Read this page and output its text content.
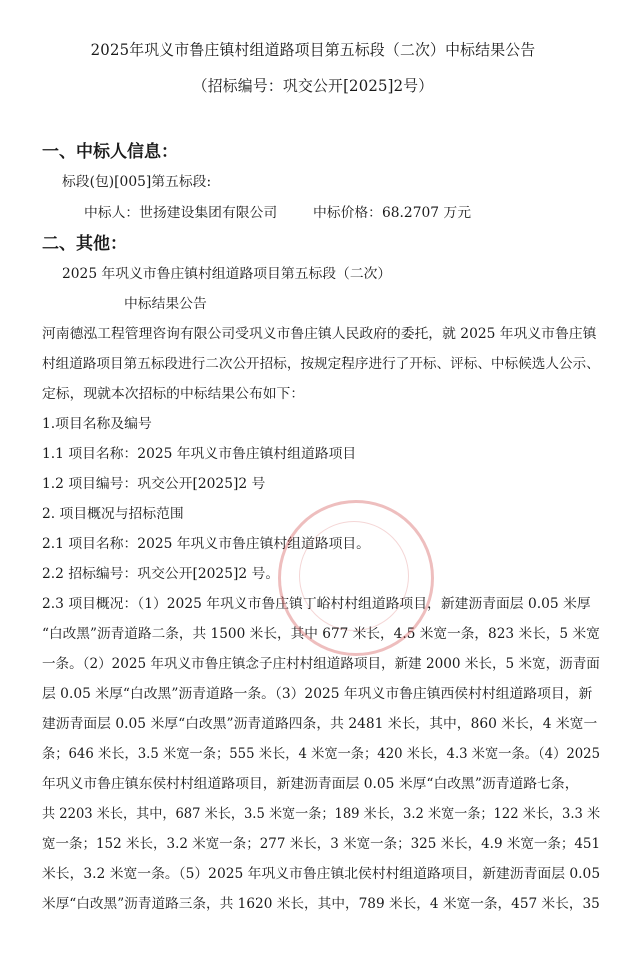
2025年巩义市鲁庄镇村组道路项目第五标段（二次）中标结果公告
（招标编号：巩交公开[2025]2号）
一、中标人信息：
标段(包)[005]第五标段:
中标人：世扬建设集团有限公司	中标价格：68.2707 万元
二、其他：
2025 年巩义市鲁庄镇村组道路项目第五标段（二次）
中标结果公告
河南德泓工程管理咨询有限公司受巩义市鲁庄镇人民政府的委托，就 2025 年巩义市鲁庄镇
村组道路项目第五标段进行二次公开招标，按规定程序进行了开标、评标、中标候选人公示、
定标，现就本次招标的中标结果公布如下：
1.项目名称及编号
1.1 项目名称：2025 年巩义市鲁庄镇村组道路项目
1.2 项目编号：巩交公开[2025]2 号
2. 项目概况与招标范围
2.1 项目名称：2025 年巩义市鲁庄镇村组道路项目。
2.2 招标编号：巩交公开[2025]2 号。
2.3 项目概况：（1）2025 年巩义市鲁庄镇丁峪村村组道路项目，新建沥青面层 0.05 米厚
“白改黑”沥青道路二条，共 1500 米长，其中 677 米长，4.5 米宽一条，823 米长，5 米宽
一条。（2）2025 年巩义市鲁庄镇念子庄村村组道路项目，新建 2000 米长，5 米宽，沥青面
层 0.05 米厚“白改黑”沥青道路一条。（3）2025 年巩义市鲁庄镇西侯村村组道路项目，新
建沥青面层 0.05 米厚“白改黑”沥青道路四条，共 2481 米长，其中，860 米长，4 米宽一
条；646 米长，3.5 米宽一条；555 米长，4 米宽一条；420 米长，4.3 米宽一条。（4）2025
年巩义市鲁庄镇东侯村村组道路项目，新建沥青面层 0.05 米厚“白改黑”沥青道路七条，
共 2203 米长，其中，687 米长，3.5 米宽一条；189 米长，3.2 米宽一条；122 米长，3.3 米
宽一条；152 米长，3.2 米宽一条；277 米长，3 米宽一条；325 米长，4.9 米宽一条；451
米长，3.2 米宽一条。（5）2025 年巩义市鲁庄镇北侯村村组道路项目，新建沥青面层 0.05
米厚“白改黑”沥青道路三条，共 1620 米长，其中，789 米长，4 米宽一条，457 米长，35
